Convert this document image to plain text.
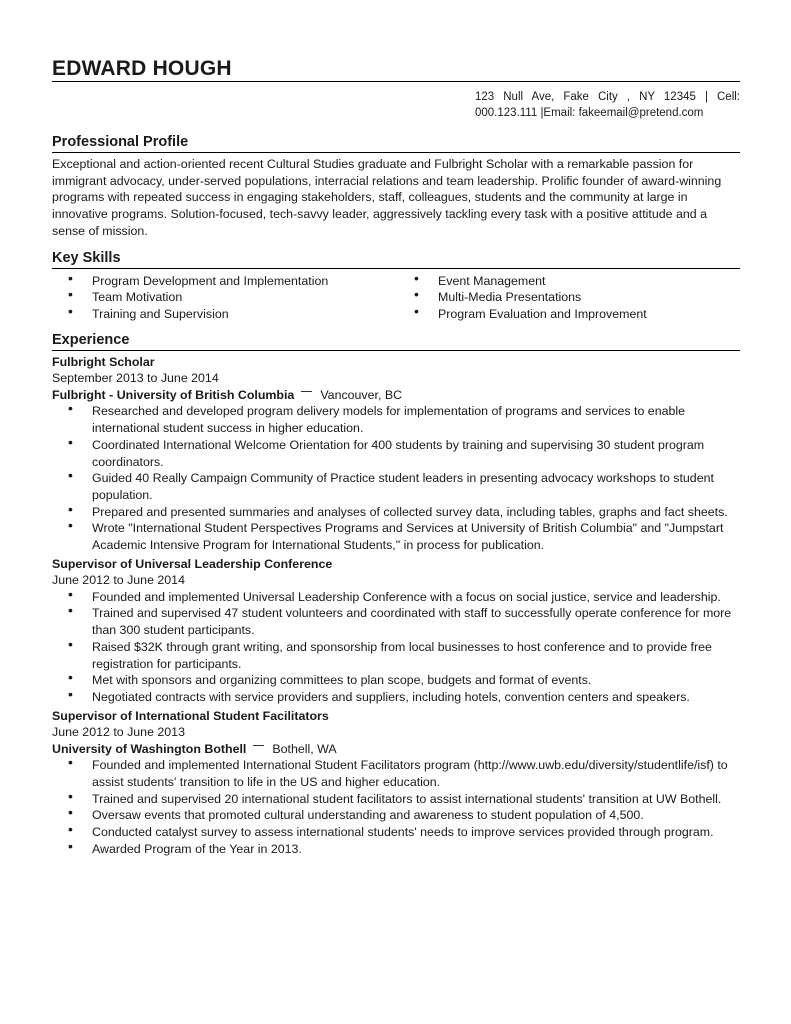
EDWARD HOUGH
123 Null Ave, Fake City , NY 12345 | Cell: 000.123.111 |Email: fakeemail@pretend.com
Professional Profile
Exceptional and action-oriented recent Cultural Studies graduate and Fulbright Scholar with a remarkable passion for immigrant advocacy, under-served populations, interracial relations and team leadership. Prolific founder of award-winning programs with repeated success in engaging stakeholders, staff, colleagues, students and the community at large in innovative programs. Solution-focused, tech-savvy leader, aggressively tackling every task with a positive attitude and a sense of mission.
Key Skills
• Program Development and Implementation
• Team Motivation
• Training and Supervision
• Event Management
• Multi-Media Presentations
• Program Evaluation and Improvement
Experience
Fulbright Scholar
September 2013 to June 2014
Fulbright - University of British Columbia Vancouver, BC
• Researched and developed program delivery models for implementation of programs and services to enable international student success in higher education.
• Coordinated International Welcome Orientation for 400 students by training and supervising 30 student program coordinators.
• Guided 40 Really Campaign Community of Practice student leaders in presenting advocacy workshops to student population.
• Prepared and presented summaries and analyses of collected survey data, including tables, graphs and fact sheets.
• Wrote "International Student Perspectives Programs and Services at University of British Columbia" and "Jumpstart Academic Intensive Program for International Students," in process for publication.
Supervisor of Universal Leadership Conference
June 2012 to June 2014
• Founded and implemented Universal Leadership Conference with a focus on social justice, service and leadership.
• Trained and supervised 47 student volunteers and coordinated with staff to successfully operate conference for more than 300 student participants.
• Raised $32K through grant writing, and sponsorship from local businesses to host conference and to provide free registration for participants.
• Met with sponsors and organizing committees to plan scope, budgets and format of events.
• Negotiated contracts with service providers and suppliers, including hotels, convention centers and speakers.
Supervisor of International Student Facilitators
June 2012 to June 2013
University of Washington Bothell Bothell, WA
• Founded and implemented International Student Facilitators program (http://www.uwb.edu/diversity/studentlife/isf) to assist students' transition to life in the US and higher education.
• Trained and supervised 20 international student facilitators to assist international students' transition at UW Bothell.
• Oversaw events that promoted cultural understanding and awareness to student population of 4,500.
• Conducted catalyst survey to assess international students' needs to improve services provided through program.
• Awarded Program of the Year in 2013.
